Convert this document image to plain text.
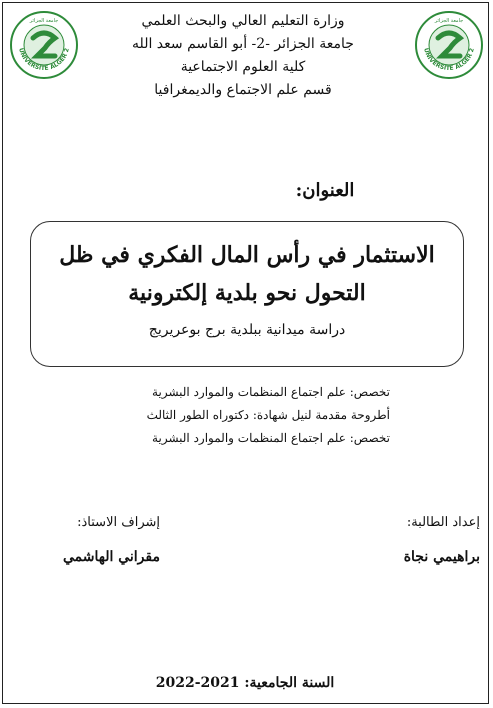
UNIVERSITE ALGER 2
جامعة الجزائر
UNIVERSITE ALGER 2
جامعة الجزائر
وزارة التعليم العالي والبحث العلمي
جامعة الجزائر -2- أبو القاسم سعد الله
كلية العلوم الاجتماعية
قسم علم الاجتماع والديمغرافيا
العنوان:
الاستثمار في رأس المال الفكري في ظل التحول نحو بلدية إلكترونية
دراسة ميدانية ببلدية برج بوعريريج
تخصص: علم اجتماع المنظمات والموارد البشرية
أطروحة مقدمة لنيل شهادة: دكتوراه الطور الثالث
تخصص: علم اجتماع المنظمات والموارد البشرية
إعداد الطالبة:
براهيمي نجاة
إشراف الاستاذ:
مقراني الهاشمي
السنة الجامعية: 2021-2022
